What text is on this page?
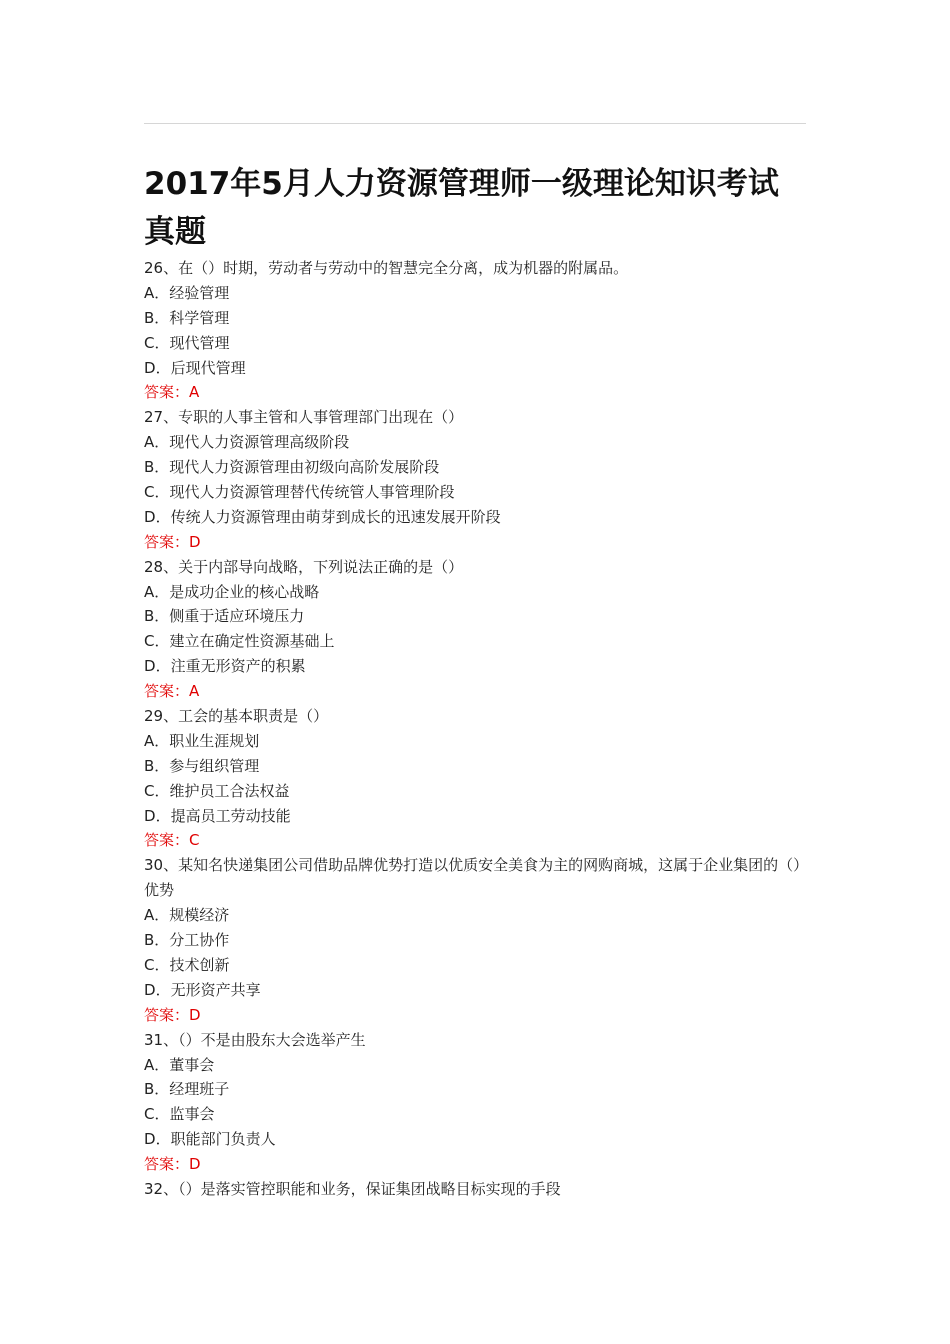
2017年5月人力资源管理师一级理论知识考试真题
26、在（）时期，劳动者与劳动中的智慧完全分离，成为机器的附属品。
A．经验管理
B．科学管理
C．现代管理
D．后现代管理
答案：A
27、专职的人事主管和人事管理部门出现在（）
A．现代人力资源管理高级阶段
B．现代人力资源管理由初级向高阶发展阶段
C．现代人力资源管理替代传统管人事管理阶段
D．传统人力资源管理由萌芽到成长的迅速发展开阶段
答案：D
28、关于内部导向战略，下列说法正确的是（）
A．是成功企业的核心战略
B．侧重于适应环境压力
C．建立在确定性资源基础上
D．注重无形资产的积累
答案：A
29、工会的基本职责是（）
A．职业生涯规划
B．参与组织管理
C．维护员工合法权益
D．提高员工劳动技能
答案：C
30、某知名快递集团公司借助品牌优势打造以优质安全美食为主的网购商城，这属于企业集团的（）优势
A．规模经济
B．分工协作
C．技术创新
D．无形资产共享
答案：D
31、（）不是由股东大会选举产生
A．董事会
B．经理班子
C．监事会
D．职能部门负责人
答案：D
32、（）是落实管控职能和业务，保证集团战略目标实现的手段
